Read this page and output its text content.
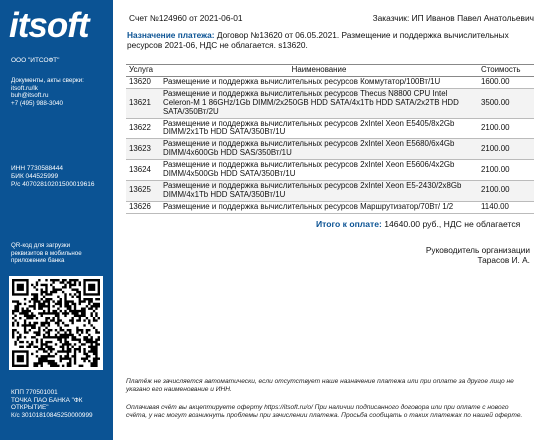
itsoft
ООО "ИТСОФТ"
Документы, акты сверки:
itsoft.ru/lk
buh@itsoft.ru
+7 (495) 988-3040
ИНН 7730588444
БИК 044525999
Р/с 40702810201500019616
QR-код для загрузки
реквизитов в мобильное
приложение банка
КПП 770501001
ТОЧКА ПАО БАНКА "ФК
ОТКРЫТИЕ"
К/с 30101810845250000999
Счет №124960 от 2021-06-01	Заказчик: ИП Иванов Павел Анатольевич
Назначение платежа: Договор №13620 от 06.05.2021. Размещение и поддержка вычислительных ресурсов 2021-06, НДС не облагается. s13620.
Услуга	Наименование	Стоимость
13620	Размещение и поддержка вычислительных ресурсов Коммутатор/100Вт/1U	1600.00
13621	Размещение и поддержка вычислительных ресурсов Thecus N8800 CPU Intel Celeron-M 1 86GHz/1Gb DIMM/2x250GB HDD SATA/4x1Tb HDD SATA/2x2TB HDD SATA/350Вт/2U	3500.00
13622	Размещение и поддержка вычислительных ресурсов 2xIntel Xeon E5405/8x2Gb DIMM/2x1Tb HDD SATA/350Вт/1U	2100.00
13623	Размещение и поддержка вычислительных ресурсов 2xIntel Xeon E5680/6x4Gb DIMM/4x600Gb HDD SAS/350Вт/1U	2100.00
13624	Размещение и поддержка вычислительных ресурсов 2xIntel Xeon E5606/4x2Gb DIMM/4x500Gb HDD SATA/350Вт/1U	2100.00
13625	Размещение и поддержка вычислительных ресурсов 2xIntel Xeon E5-2430/2x8Gb DIMM/4x1Tb HDD SATA/350Вт/1U	2100.00
13626	Размещение и поддержка вычислительных ресурсов Маршрутизатор/70Вт/ 1/2	1140.00
Итого к оплате: 14640.00 руб., НДС не облагается
Руководитель организации
Тарасов И. А.
Платёж не зачисляется автоматически, если отсутствует наше назначение платежа или при оплате за другое лицо не указано его наименование и ИНН.
Оплачивая счёт вы акцептируете оферту https://itsoft.ru/o/ При наличии подписанного договора или при оплате с нового счёта, у нас могут возникнуть проблемы при зачислении платежа. Просьба сообщать о таких платежах по нашей оферте.
